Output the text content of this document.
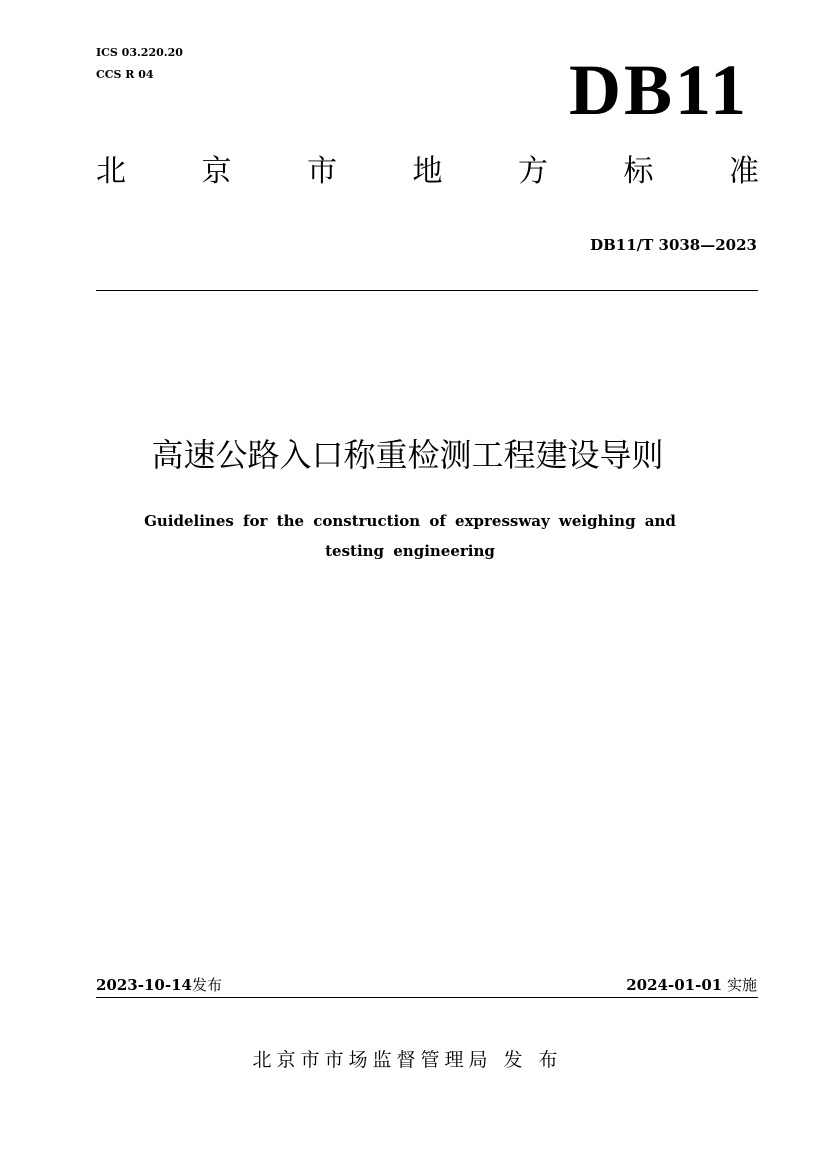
ICS 03.220.20
CCS R 04	DB11
北	京	市	地	方	标	准
DB11/T 3038—2023
高速公路入口称重检测工程建设导则
Guidelines for the construction of expressway weighing and
testing engineering
2023-10-14发布	2024-01-01 实施
北京市市场监督管理局 发 布
